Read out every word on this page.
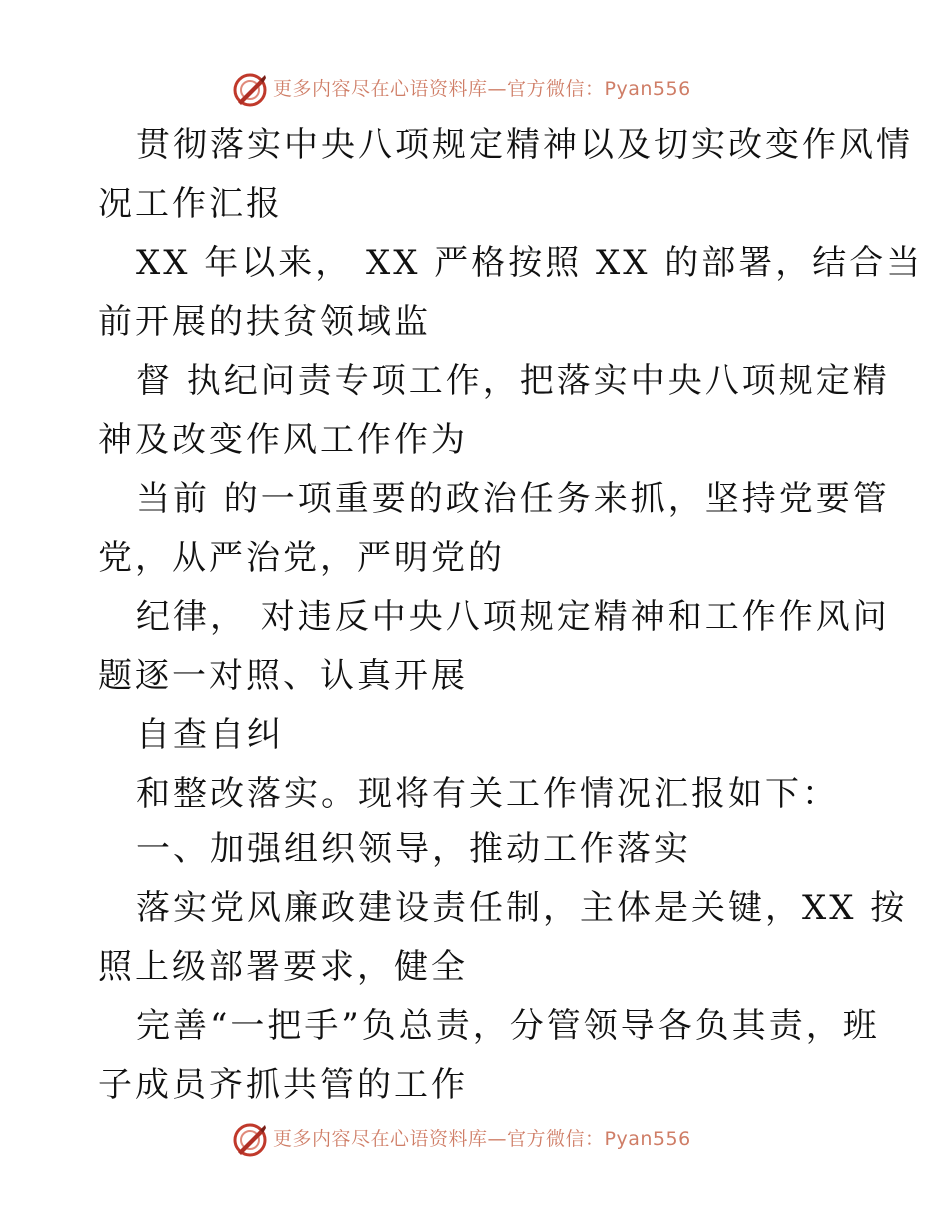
更多内容尽在心语资料库—官方微信：Pyan556
贯彻落实中央八项规定精神以及切实改变作风情
况工作汇报
XX 年以来， XX 严格按照 XX 的部署，结合当
前开展的扶贫领域监
督 执纪问责专项工作，把落实中央八项规定精
神及改变作风工作作为
当前 的一项重要的政治任务来抓，坚持党要管
党，从严治党，严明党的
纪律， 对违反中央八项规定精神和工作作风问
题逐一对照、认真开展
自查自纠
和整改落实。现将有关工作情况汇报如下：
一、加强组织领导，推动工作落实
落实党风廉政建设责任制，主体是关键，XX 按
照上级部署要求，健全
完善“一把手”负总责，分管领导各负其责，班
子成员齐抓共管的工作
更多内容尽在心语资料库—官方微信：Pyan556
